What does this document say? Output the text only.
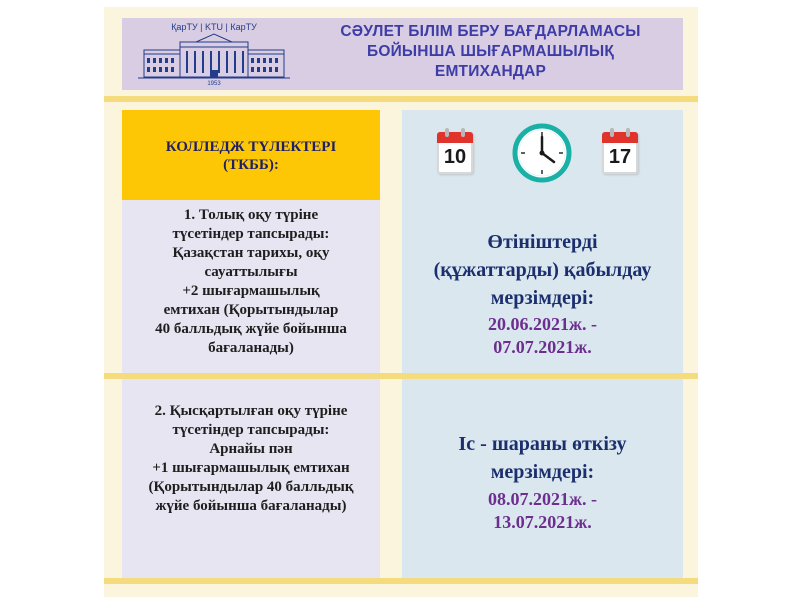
ҚарТУ | KTU | КарТУ
1953
СӘУЛЕТ БІЛІМ БЕРУ БАҒДАРЛАМАСЫ
БОЙЫНША ШЫҒАРМАШЫЛЫҚ
ЕМТИХАНДАР
КОЛЛЕДЖ ТҮЛЕКТЕРІ
(ТКББ):
1. Толық оқу түріне
түсетіндер тапсырады:
Қазақстан тарихы, оқу
сауаттылығы
+2 шығармашылық
емтихан (Қорытындылар
40 балльдық жүйе бойынша
бағаланады)
2. Қысқартылған оқу түріне
түсетіндер тапсырады:
Арнайы пән
+1 шығармашылық емтихан
(Қорытындылар 40 балльдық
жүйе бойынша бағаланады)
10	17
Өтініштерді
(құжаттарды) қабылдау
мерзімдері:
20.06.2021ж. -
07.07.2021ж.
Іс - шараны өткізу
мерзімдері:
08.07.2021ж. -
13.07.2021ж.
